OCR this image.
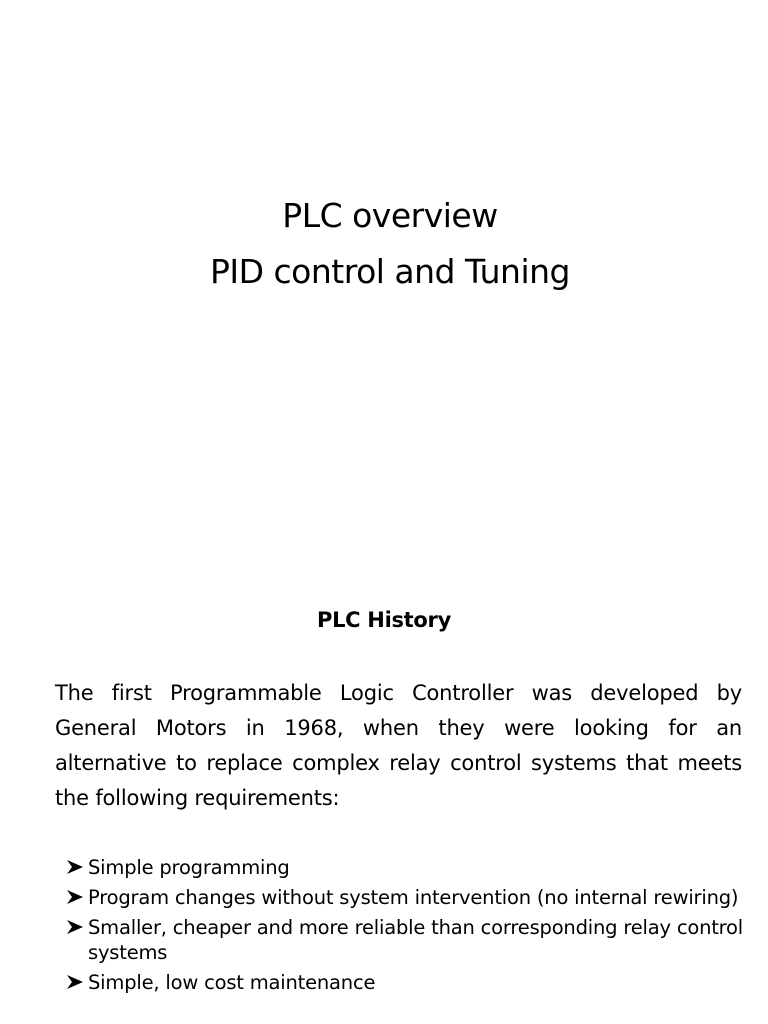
PLC overview
PID control and Tuning
PLC History
The first Programmable Logic Controller was developed by General Motors in 1968, when they were looking for an alternative to replace complex relay control systems that meets the following requirements:
Simple programming
Program changes without system intervention (no internal rewiring)
Smaller, cheaper and more reliable than corresponding relay control systems
Simple, low cost maintenance
